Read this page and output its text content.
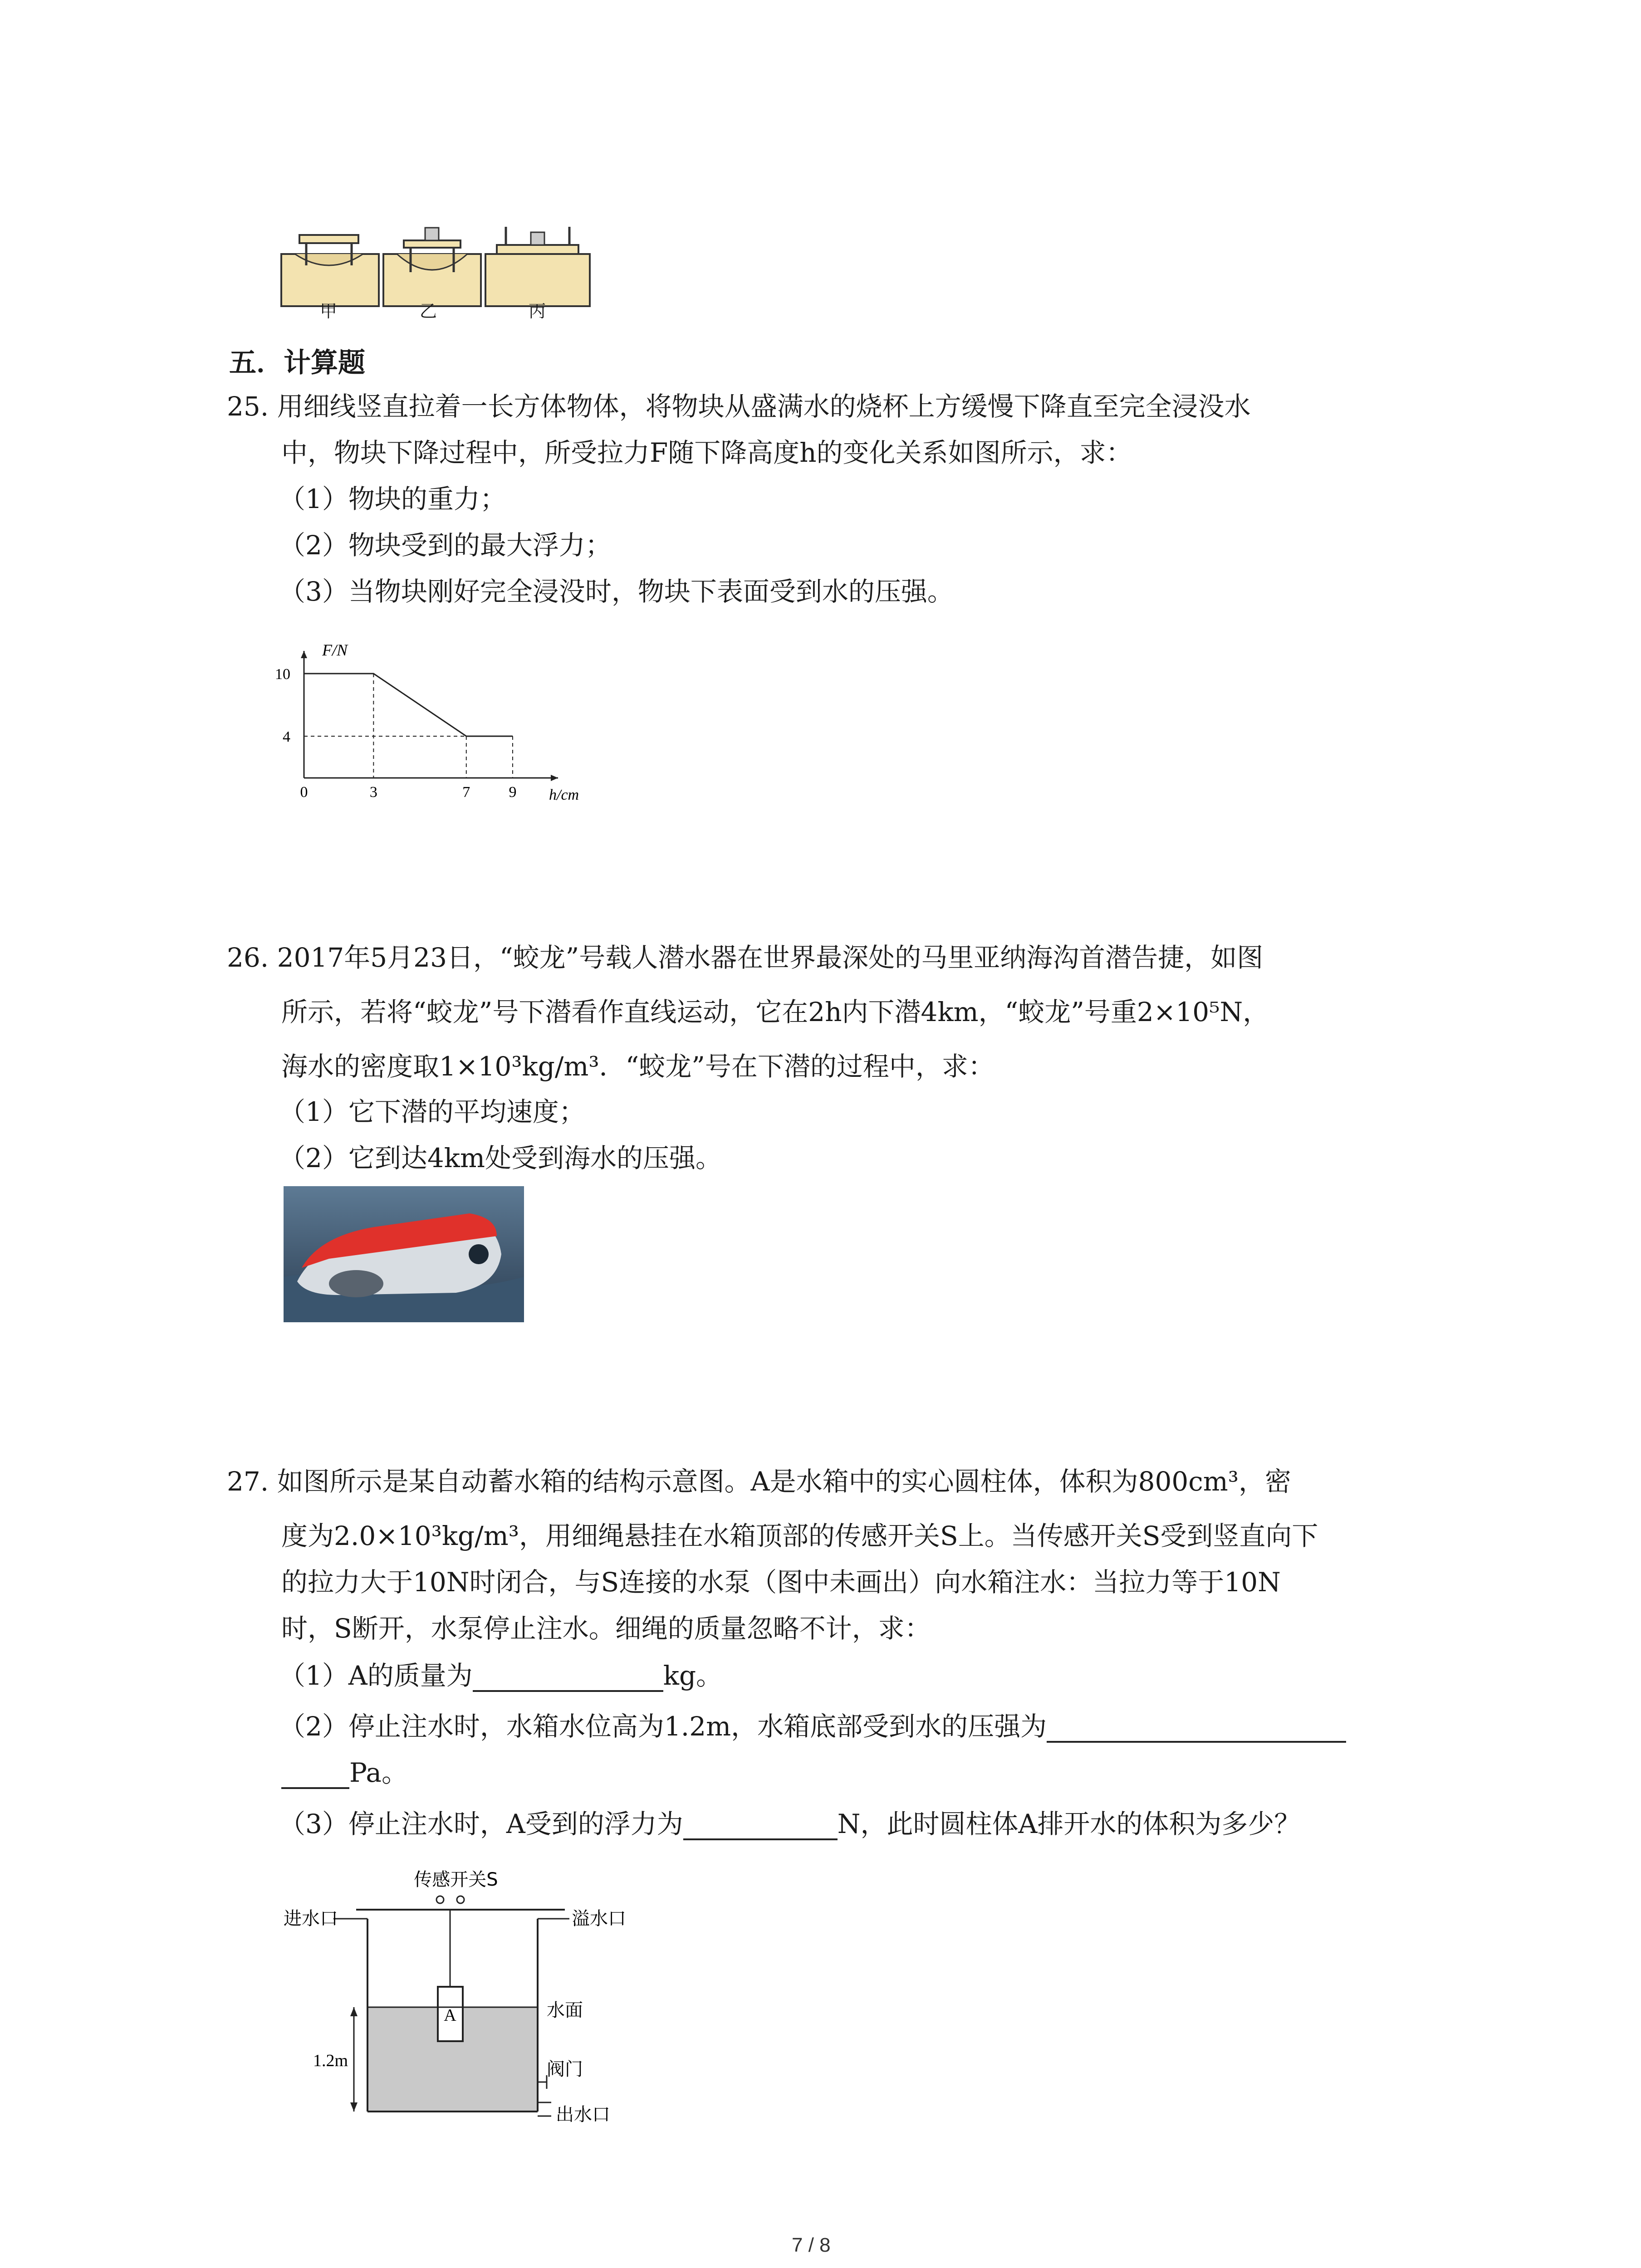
甲	乙	丙
五．计算题
25. 用细线竖直拉着一长方体物体，将物块从盛满水的烧杯上方缓慢下降直至完全浸没水
中，物块下降过程中，所受拉力F随下降高度h的变化关系如图所示，求：
（1）物块的重力；
（2）物块受到的最大浮力；
（3）当物块刚好完全浸没时，物块下表面受到水的压强。
0	3	7	9
10
4
F/N
h/cm
26. 2017年5月23日，“蛟龙”号载人潜水器在世界最深处的马里亚纳海沟首潜告捷，如图
所示，若将“蛟龙”号下潜看作直线运动，它在2h内下潜4km，“蛟龙”号重2×10⁵N，
海水的密度取1×10³kg/m³．“蛟龙”号在下潜的过程中，求：
（1）它下潜的平均速度；
（2）它到达4km处受到海水的压强。
27. 如图所示是某自动蓄水箱的结构示意图。A是水箱中的实心圆柱体，体积为800cm³，密
度为2.0×10³kg/m³，用细绳悬挂在水箱顶部的传感开关S上。当传感开关S受到竖直向下
的拉力大于10N时闭合，与S连接的水泵（图中未画出）向水箱注水：当拉力等于10N
时，S断开，水泵停止注水。细绳的质量忽略不计，求：
（1）A的质量为	kg。
（2）停止注水时，水箱水位高为1.2m，水箱底部受到水的压强为
Pa。
（3）停止注水时，A受到的浮力为	N，此时圆柱体A排开水的体积为多少？
传感开关S
进水口	溢水口
A	水面
1.2m	阀门
出水口
7 / 8
